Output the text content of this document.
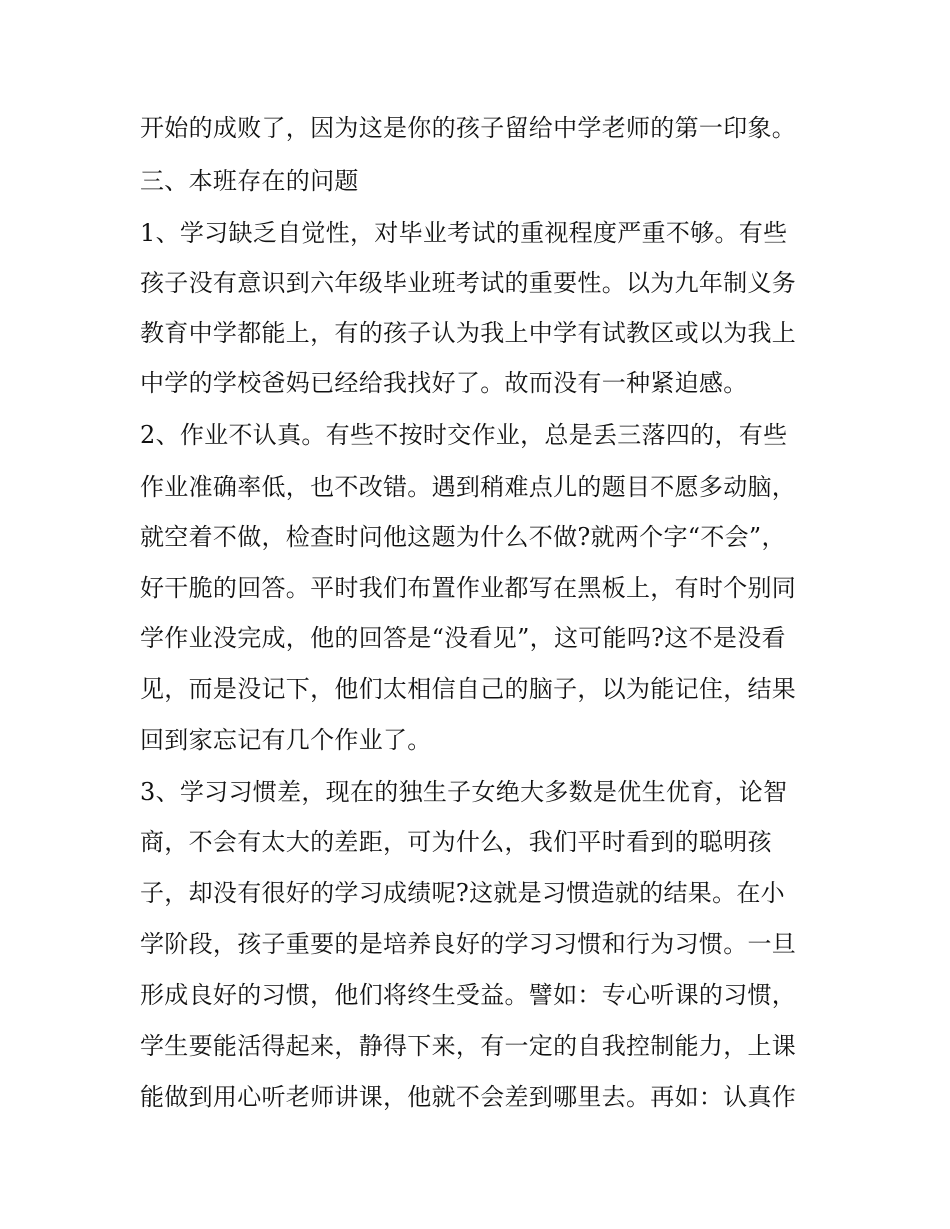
开始的成败了，因为这是你的孩子留给中学老师的第一印象。
三、本班存在的问题
1、学习缺乏自觉性，对毕业考试的重视程度严重不够。有些
孩子没有意识到六年级毕业班考试的重要性。以为九年制义务
教育中学都能上，有的孩子认为我上中学有试教区或以为我上
中学的学校爸妈已经给我找好了。故而没有一种紧迫感。
2、作业不认真。有些不按时交作业，总是丢三落四的，有些
作业准确率低，也不改错。遇到稍难点儿的题目不愿多动脑，
就空着不做，检查时问他这题为什么不做?就两个字“不会”，
好干脆的回答。平时我们布置作业都写在黑板上，有时个别同
学作业没完成，他的回答是“没看见”，这可能吗?这不是没看
见，而是没记下，他们太相信自己的脑子，以为能记住，结果
回到家忘记有几个作业了。
3、学习习惯差，现在的独生子女绝大多数是优生优育，论智
商，不会有太大的差距，可为什么，我们平时看到的聪明孩
子，却没有很好的学习成绩呢?这就是习惯造就的结果。在小
学阶段，孩子重要的是培养良好的学习习惯和行为习惯。一旦
形成良好的习惯，他们将终生受益。譬如：专心听课的习惯，
学生要能活得起来，静得下来，有一定的自我控制能力，上课
能做到用心听老师讲课，他就不会差到哪里去。再如：认真作
